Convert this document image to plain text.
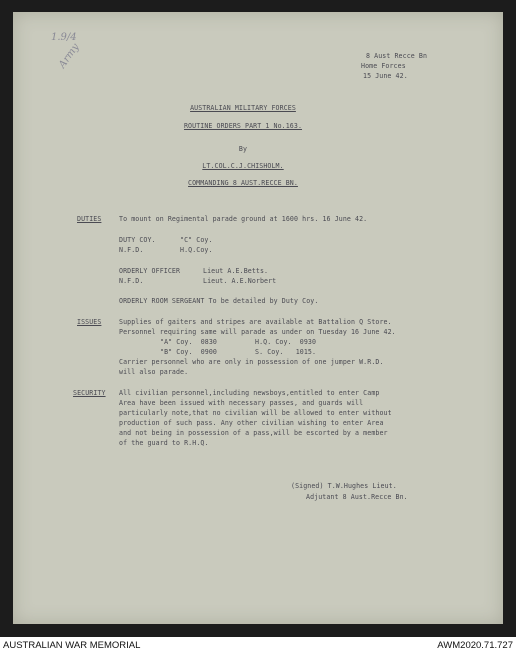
1.9/4
Army	8 Aust Recce Bn
Home Forces
15 June 42.
AUSTRALIAN MILITARY FORCES
ROUTINE ORDERS PART 1 No.163.
By
LT.COL.C.J.CHISHOLM.
COMMANDING 8 AUST.RECCE BN.
DUTIES	To mount on Regimental parade ground at 1600 hrs. 16 June 42.
DUTY COY.	"C" Coy.
N.F.D.	H.Q.Coy.
ORDERLY OFFICER	Lieut A.E.Betts.
N.F.D.	Lieut. A.E.Norbert
ORDERLY ROOM SERGEANT To be detailed by Duty Coy.
ISSUES	Supplies of gaiters and stripes are available at Battalion Q Store.
Personnel requiring same will parade as under on Tuesday 16 June 42.
"A" Coy.  0830	H.Q. Coy.  0930
"B" Coy.  0900	S. Coy.   1015.
Carrier personnel who are only in possession of one jumper W.R.D.
will also parade.
SECURITY All civilian personnel,including newsboys,entitled to enter Camp
Area have been issued with necessary passes, and guards will
particularly note,that no civilian will be allowed to enter without
production of such pass. Any other civilian wishing to enter Area
and not being in possession of a pass,will be escorted by a member
of the guard to R.H.Q.
(Signed) T.W.Hughes Lieut.
Adjutant 8 Aust.Recce Bn.
AUSTRALIAN WAR MEMORIAL	AWM2020.71.727
